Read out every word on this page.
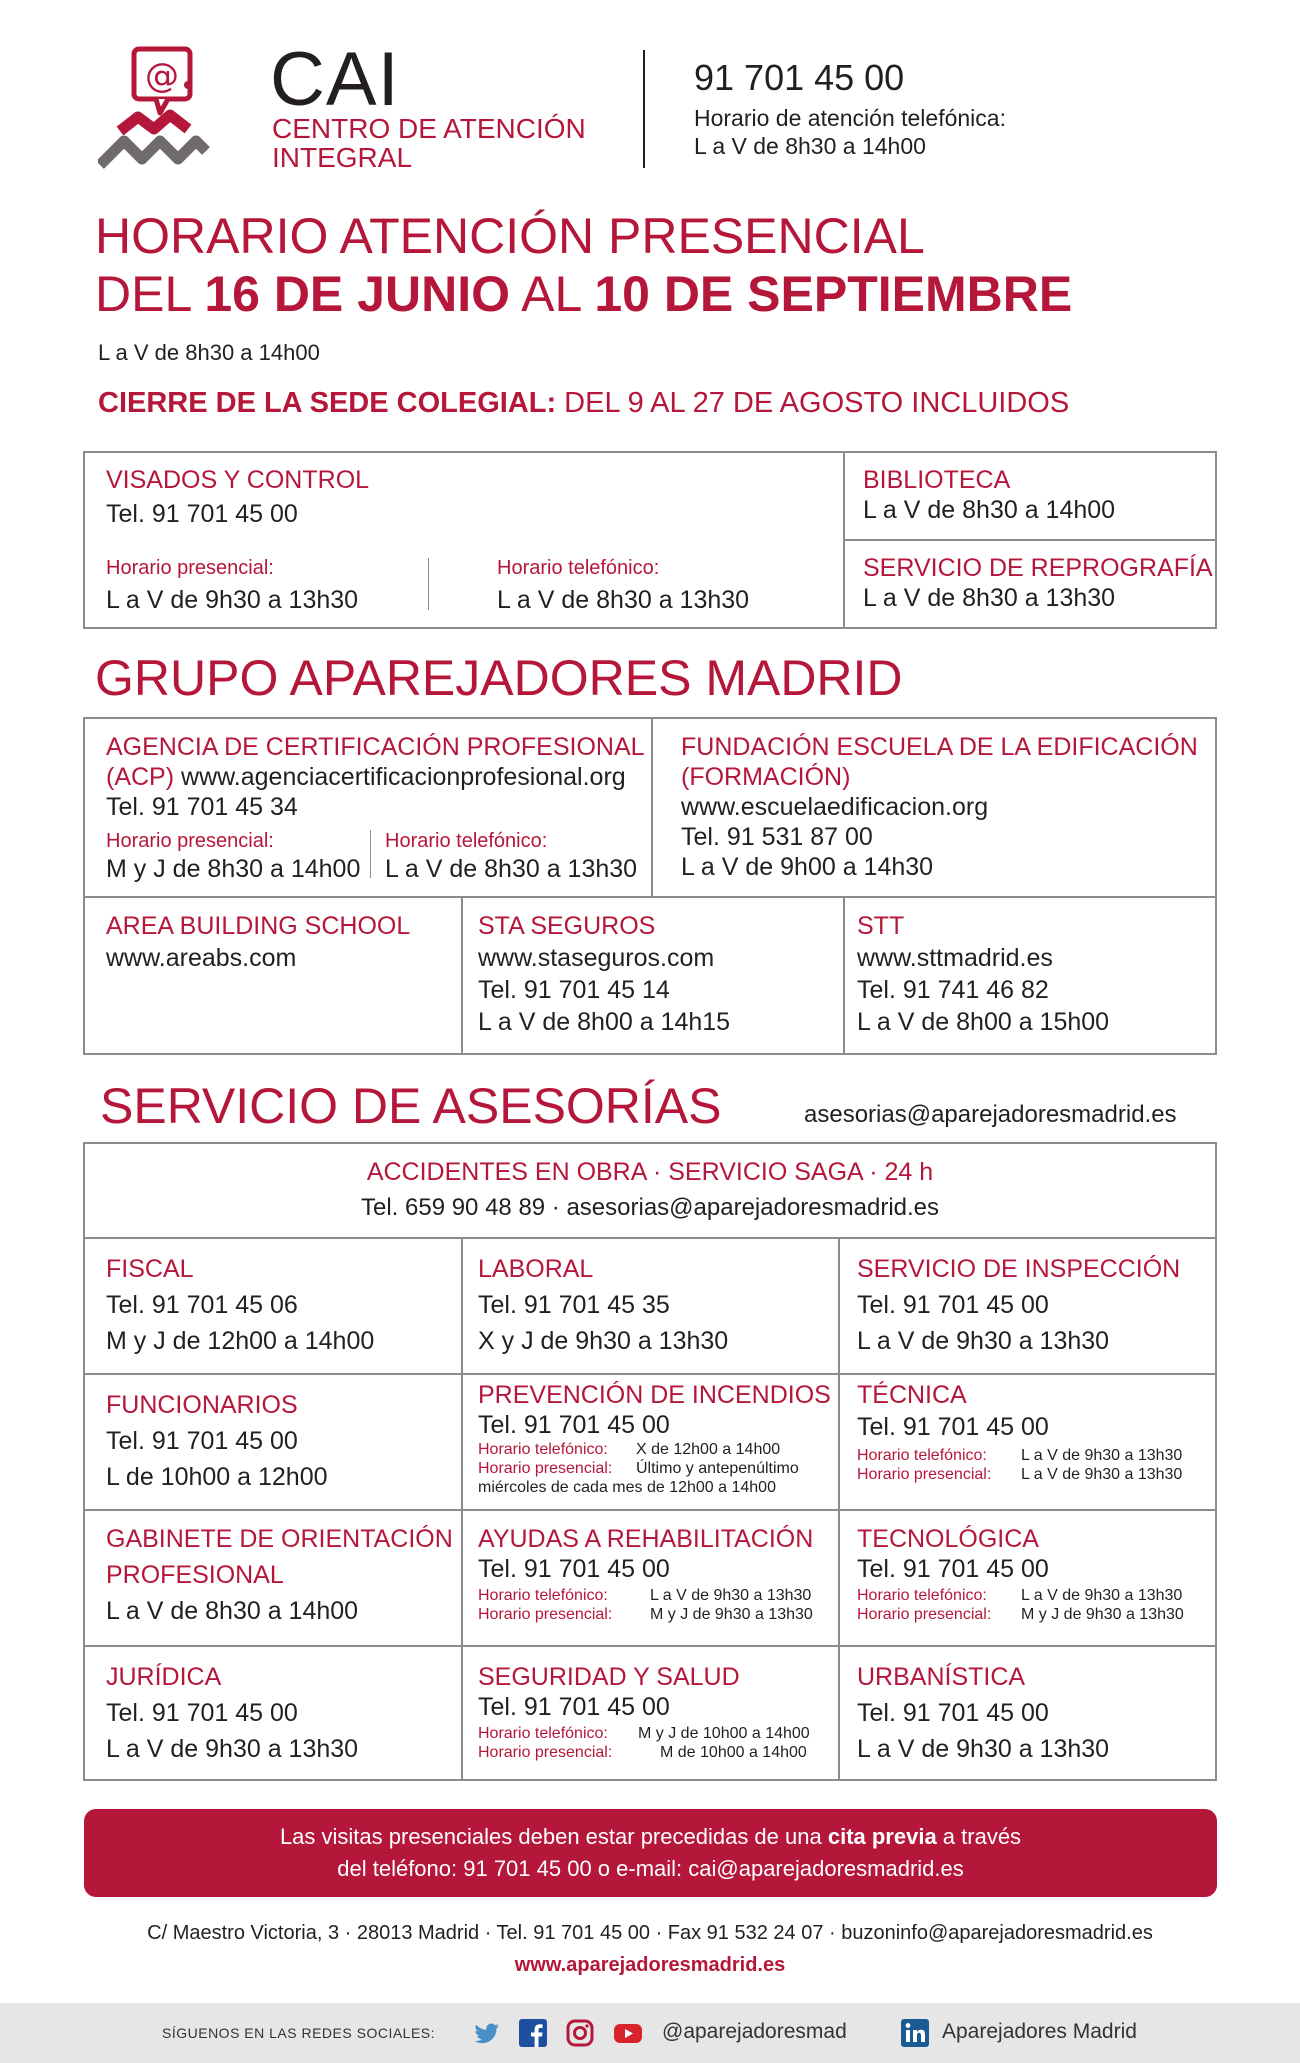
@ CAI
CENTRO DE ATENCIÓN
INTEGRAL
91 701 45 00
Horario de atención telefónica:
L a V de 8h30 a 14h00
HORARIO ATENCIÓN PRESENCIAL
DEL 16 DE JUNIO AL 10 DE SEPTIEMBRE
L a V de 8h30 a 14h00
CIERRE DE LA SEDE COLEGIAL: DEL 9 AL 27 DE AGOSTO INCLUIDOS
VISADOS Y CONTROL
Tel. 91 701 45 00
Horario presencial:
L a V de 9h30 a 13h30
Horario telefónico:
L a V de 8h30 a 13h30
BIBLIOTECA
L a V de 8h30 a 14h00
SERVICIO DE REPROGRAFÍA
L a V de 8h30 a 13h30
GRUPO APAREJADORES MADRID
AGENCIA DE CERTIFICACIÓN PROFESIONAL
(ACP) www.agenciacertificacionprofesional.org
Tel. 91 701 45 34
Horario presencial:
M y J de 8h30 a 14h00
Horario telefónico:
L a V de 8h30 a 13h30
FUNDACIÓN ESCUELA DE LA EDIFICACIÓN
(FORMACIÓN)
www.escuelaedificacion.org
Tel. 91 531 87 00
L a V de 9h00 a 14h30
AREA BUILDING SCHOOL
www.areabs.com
STA SEGUROS
www.staseguros.com
Tel. 91 701 45 14
L a V de 8h00 a 14h15
STT
www.sttmadrid.es
Tel. 91 741 46 82
L a V de 8h00 a 15h00
SERVICIO DE ASESORÍAS	asesorias@aparejadoresmadrid.es
ACCIDENTES EN OBRA · SERVICIO SAGA · 24 h
Tel. 659 90 48 89 · asesorias@aparejadoresmadrid.es
FISCAL
Tel. 91 701 45 06
M y J de 12h00 a 14h00
LABORAL
Tel. 91 701 45 35
X y J de 9h30 a 13h30
SERVICIO DE INSPECCIÓN
Tel. 91 701 45 00
L a V de 9h30 a 13h30
FUNCIONARIOS
Tel. 91 701 45 00
L de 10h00 a 12h00
PREVENCIÓN DE INCENDIOS
Tel. 91 701 45 00
Horario telefónico: X de 12h00 a 14h00
Horario presencial: Último y antepenúltimo
miércoles de cada mes de 12h00 a 14h00
TÉCNICA
Tel. 91 701 45 00
Horario telefónico: L a V de 9h30 a 13h30
Horario presencial: L a V de 9h30 a 13h30
GABINETE DE ORIENTACIÓN
PROFESIONAL
L a V de 8h30 a 14h00
AYUDAS A REHABILITACIÓN
Tel. 91 701 45 00
Horario telefónico:	L a V de 9h30 a 13h30
Horario presencial: M y J de 9h30 a 13h30
TECNOLÓGICA
Tel. 91 701 45 00
Horario telefónico: L a V de 9h30 a 13h30
Horario presencial: M y J de 9h30 a 13h30
JURÍDICA
Tel. 91 701 45 00
L a V de 9h30 a 13h30
SEGURIDAD Y SALUD
Tel. 91 701 45 00
Horario telefónico: M y J de 10h00 a 14h00
Horario presencial:	M de 10h00 a 14h00
URBANÍSTICA
Tel. 91 701 45 00
L a V de 9h30 a 13h30
Las visitas presenciales deben estar precedidas de una cita previa a través
del teléfono: 91 701 45 00 o e-mail: cai@aparejadoresmadrid.es
C/ Maestro Victoria, 3 · 28013 Madrid · Tel. 91 701 45 00 · Fax 91 532 24 07 · buzoninfo@aparejadoresmadrid.es
www.aparejadoresmadrid.es
SÍGUENOS EN LAS REDES SOCIALES:	@aparejadoresmad	Aparejadores Madrid
